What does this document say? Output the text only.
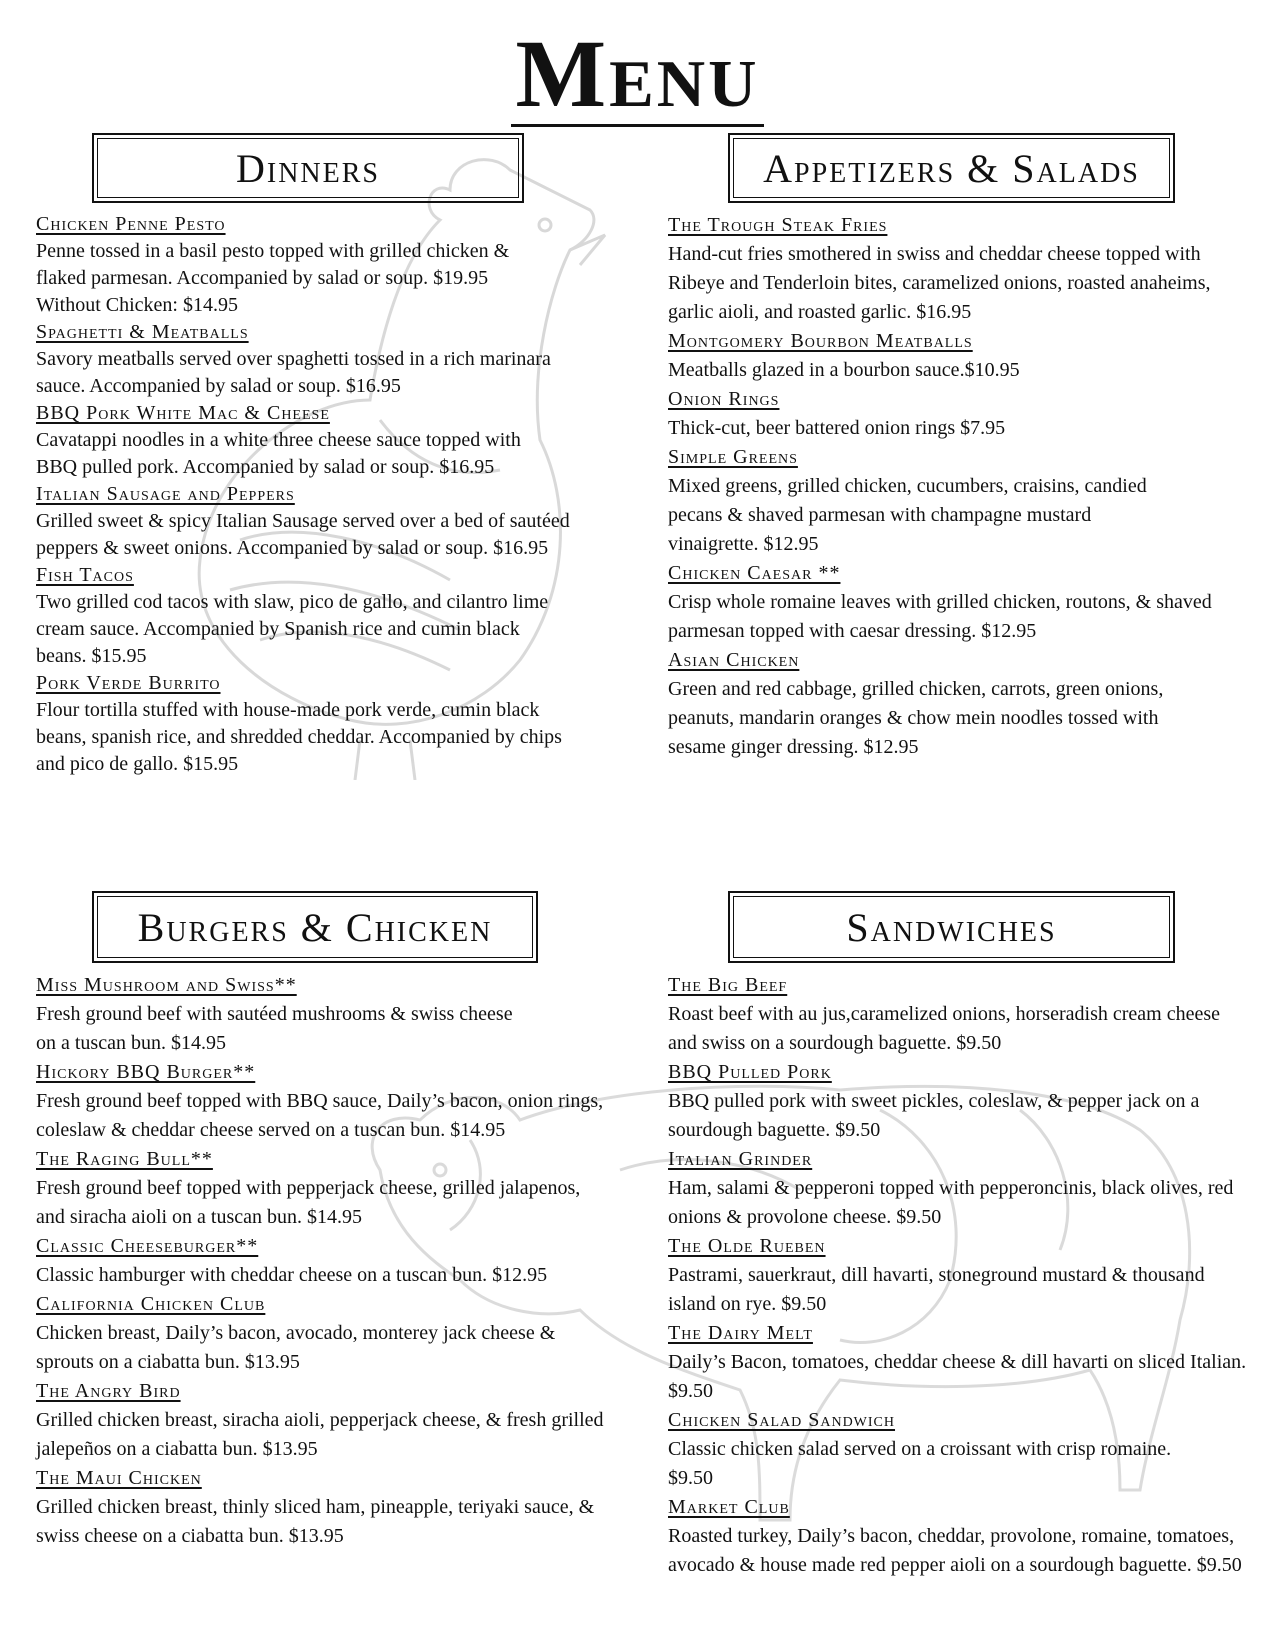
Menu
Dinners
Chicken Penne Pesto
Penne tossed in a basil pesto topped with grilled chicken & flaked parmesan. Accompanied by salad or soup. $19.95
Without Chicken: $14.95
Spaghetti & Meatballs
Savory meatballs served over spaghetti tossed in a rich marinara sauce. Accompanied by salad or soup. $16.95
BBQ Pork White Mac & Cheese
Cavatappi noodles in a white three cheese sauce topped with BBQ pulled pork. Accompanied by salad or soup. $16.95
Italian Sausage and Peppers
Grilled sweet & spicy Italian Sausage served over a bed of sautéed peppers & sweet onions. Accompanied by salad or soup. $16.95
Fish Tacos
Two grilled cod tacos with slaw, pico de gallo, and cilantro lime cream sauce. Accompanied by Spanish rice and cumin black beans. $15.95
Pork Verde Burrito
Flour tortilla stuffed with house-made pork verde, cumin black beans, spanish rice, and shredded cheddar. Accompanied by chips and pico de gallo. $15.95
Appetizers & Salads
The Trough Steak Fries
Hand-cut fries smothered in swiss and cheddar cheese topped with Ribeye and Tenderloin bites, caramelized onions, roasted anaheims, garlic aioli, and roasted garlic. $16.95
Montgomery Bourbon Meatballs
Meatballs glazed in a bourbon sauce.$10.95
Onion Rings
Thick-cut, beer battered onion rings $7.95
Simple Greens
Mixed greens, grilled chicken, cucumbers, craisins, candied pecans & shaved parmesan with champagne mustard vinaigrette. $12.95
Chicken Caesar **
Crisp whole romaine leaves with grilled chicken, routons, & shaved parmesan topped with caesar dressing. $12.95
Asian Chicken
Green and red cabbage, grilled chicken, carrots, green onions, peanuts, mandarin oranges & chow mein noodles tossed with sesame ginger dressing. $12.95
Burgers & Chicken
Miss Mushroom and Swiss**
Fresh ground beef with sautéed mushrooms & swiss cheese on a tuscan bun. $14.95
Hickory BBQ Burger**
Fresh ground beef topped with BBQ sauce, Daily’s bacon, onion rings, coleslaw & cheddar cheese served on a tuscan bun. $14.95
The Raging Bull**
Fresh ground beef topped with pepperjack cheese, grilled jalapenos, and siracha aioli on a tuscan bun. $14.95
Classic Cheeseburger**
Classic hamburger with cheddar cheese on a tuscan bun. $12.95
California Chicken Club
Chicken breast, Daily’s bacon, avocado, monterey jack cheese & sprouts on a ciabatta bun. $13.95
The Angry Bird
Grilled chicken breast, siracha aioli, pepperjack cheese, & fresh grilled jalepeños on a ciabatta bun. $13.95
The Maui Chicken
Grilled chicken breast, thinly sliced ham, pineapple, teriyaki sauce, & swiss cheese on a ciabatta bun. $13.95
Sandwiches
The Big Beef
Roast beef with au jus,caramelized onions, horseradish cream cheese and swiss on a sourdough baguette. $9.50
BBQ Pulled Pork
BBQ pulled pork with sweet pickles, coleslaw, & pepper jack on a sourdough baguette. $9.50
Italian Grinder
Ham, salami & pepperoni topped with pepperoncinis, black olives, red onions & provolone cheese. $9.50
The Olde Rueben
Pastrami, sauerkraut, dill havarti, stoneground mustard & thousand island on rye. $9.50
The Dairy Melt
Daily’s Bacon, tomatoes, cheddar cheese & dill havarti on sliced Italian. $9.50
Chicken Salad Sandwich
Classic chicken salad served on a croissant with crisp romaine. $9.50
Market Club
Roasted turkey, Daily’s bacon, cheddar, provolone, romaine, tomatoes, avocado & house made red pepper aioli on a sourdough baguette. $9.50
